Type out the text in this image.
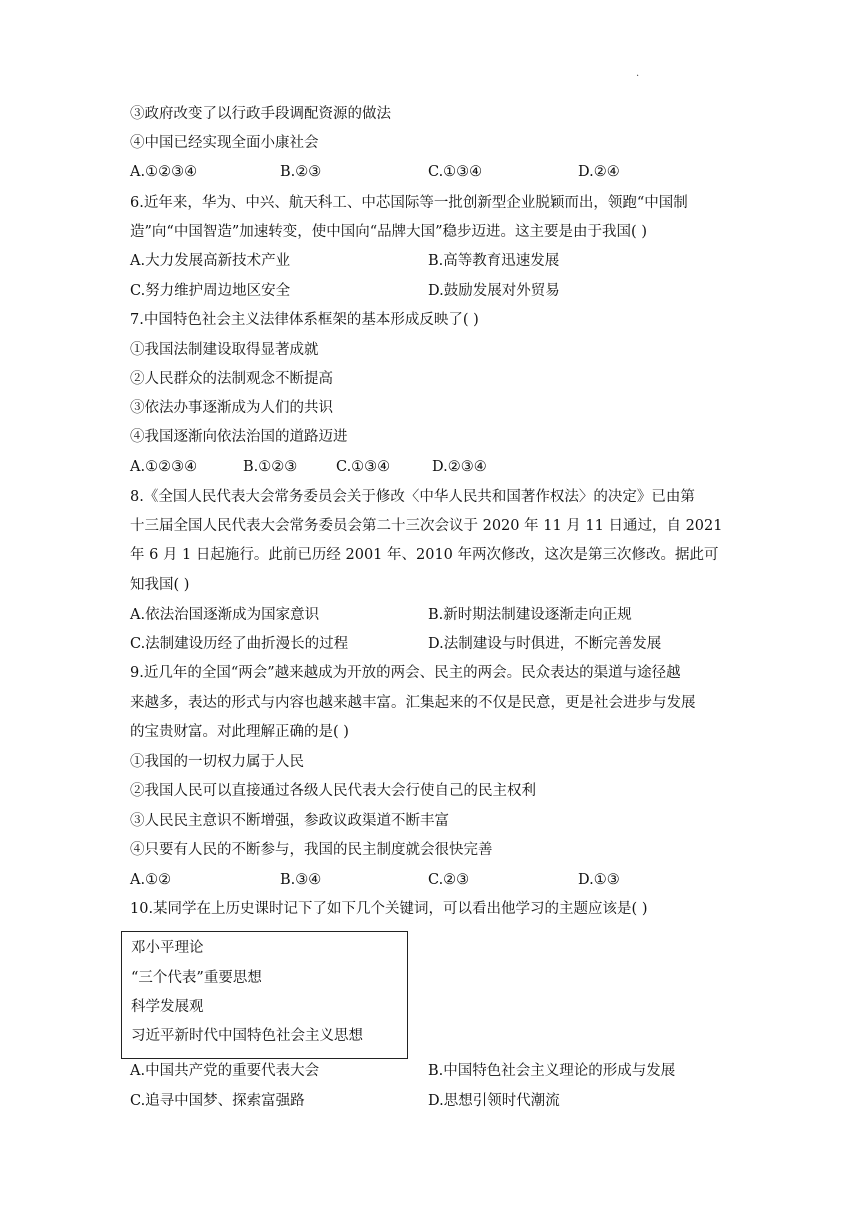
.
③政府改变了以行政手段调配资源的做法
④中国已经实现全面小康社会
A.①②③④	B.②③	C.①③④	D.②④
6.近年来，华为、中兴、航天科工、中芯国际等一批创新型企业脱颖而出，领跑“中国制
造”向“中国智造”加速转变，使中国向“品牌大国”稳步迈进。这主要是由于我国( )
A.大力发展高新技术产业	B.高等教育迅速发展
C.努力维护周边地区安全	D.鼓励发展对外贸易
7.中国特色社会主义法律体系框架的基本形成反映了( )
①我国法制建设取得显著成就
②人民群众的法制观念不断提高
③依法办事逐渐成为人们的共识
④我国逐渐向依法治国的道路迈进
A.①②③④	B.①②③	C.①③④	D.②③④
8.《全国人民代表大会常务委员会关于修改〈中华人民共和国著作权法〉的决定》已由第
十三届全国人民代表大会常务委员会第二十三次会议于 2020 年 11 月 11 日通过，自 2021
年 6 月 1 日起施行。此前已历经 2001 年、2010 年两次修改，这次是第三次修改。据此可
知我国( )
A.依法治国逐渐成为国家意识	B.新时期法制建设逐渐走向正规
C.法制建设历经了曲折漫长的过程	D.法制建设与时俱进，不断完善发展
9.近几年的全国“两会”越来越成为开放的两会、民主的两会。民众表达的渠道与途径越
来越多，表达的形式与内容也越来越丰富。汇集起来的不仅是民意，更是社会进步与发展
的宝贵财富。对此理解正确的是( )
①我国的一切权力属于人民
②我国人民可以直接通过各级人民代表大会行使自己的民主权利
③人民民主意识不断增强，参政议政渠道不断丰富
④只要有人民的不断参与，我国的民主制度就会很快完善
A.①②	B.③④	C.②③	D.①③
10.某同学在上历史课时记下了如下几个关键词，可以看出他学习的主题应该是( )
邓小平理论
“三个代表”重要思想
科学发展观
习近平新时代中国特色社会主义思想
A.中国共产党的重要代表大会	B.中国特色社会主义理论的形成与发展
C.追寻中国梦、探索富强路	D.思想引领时代潮流
